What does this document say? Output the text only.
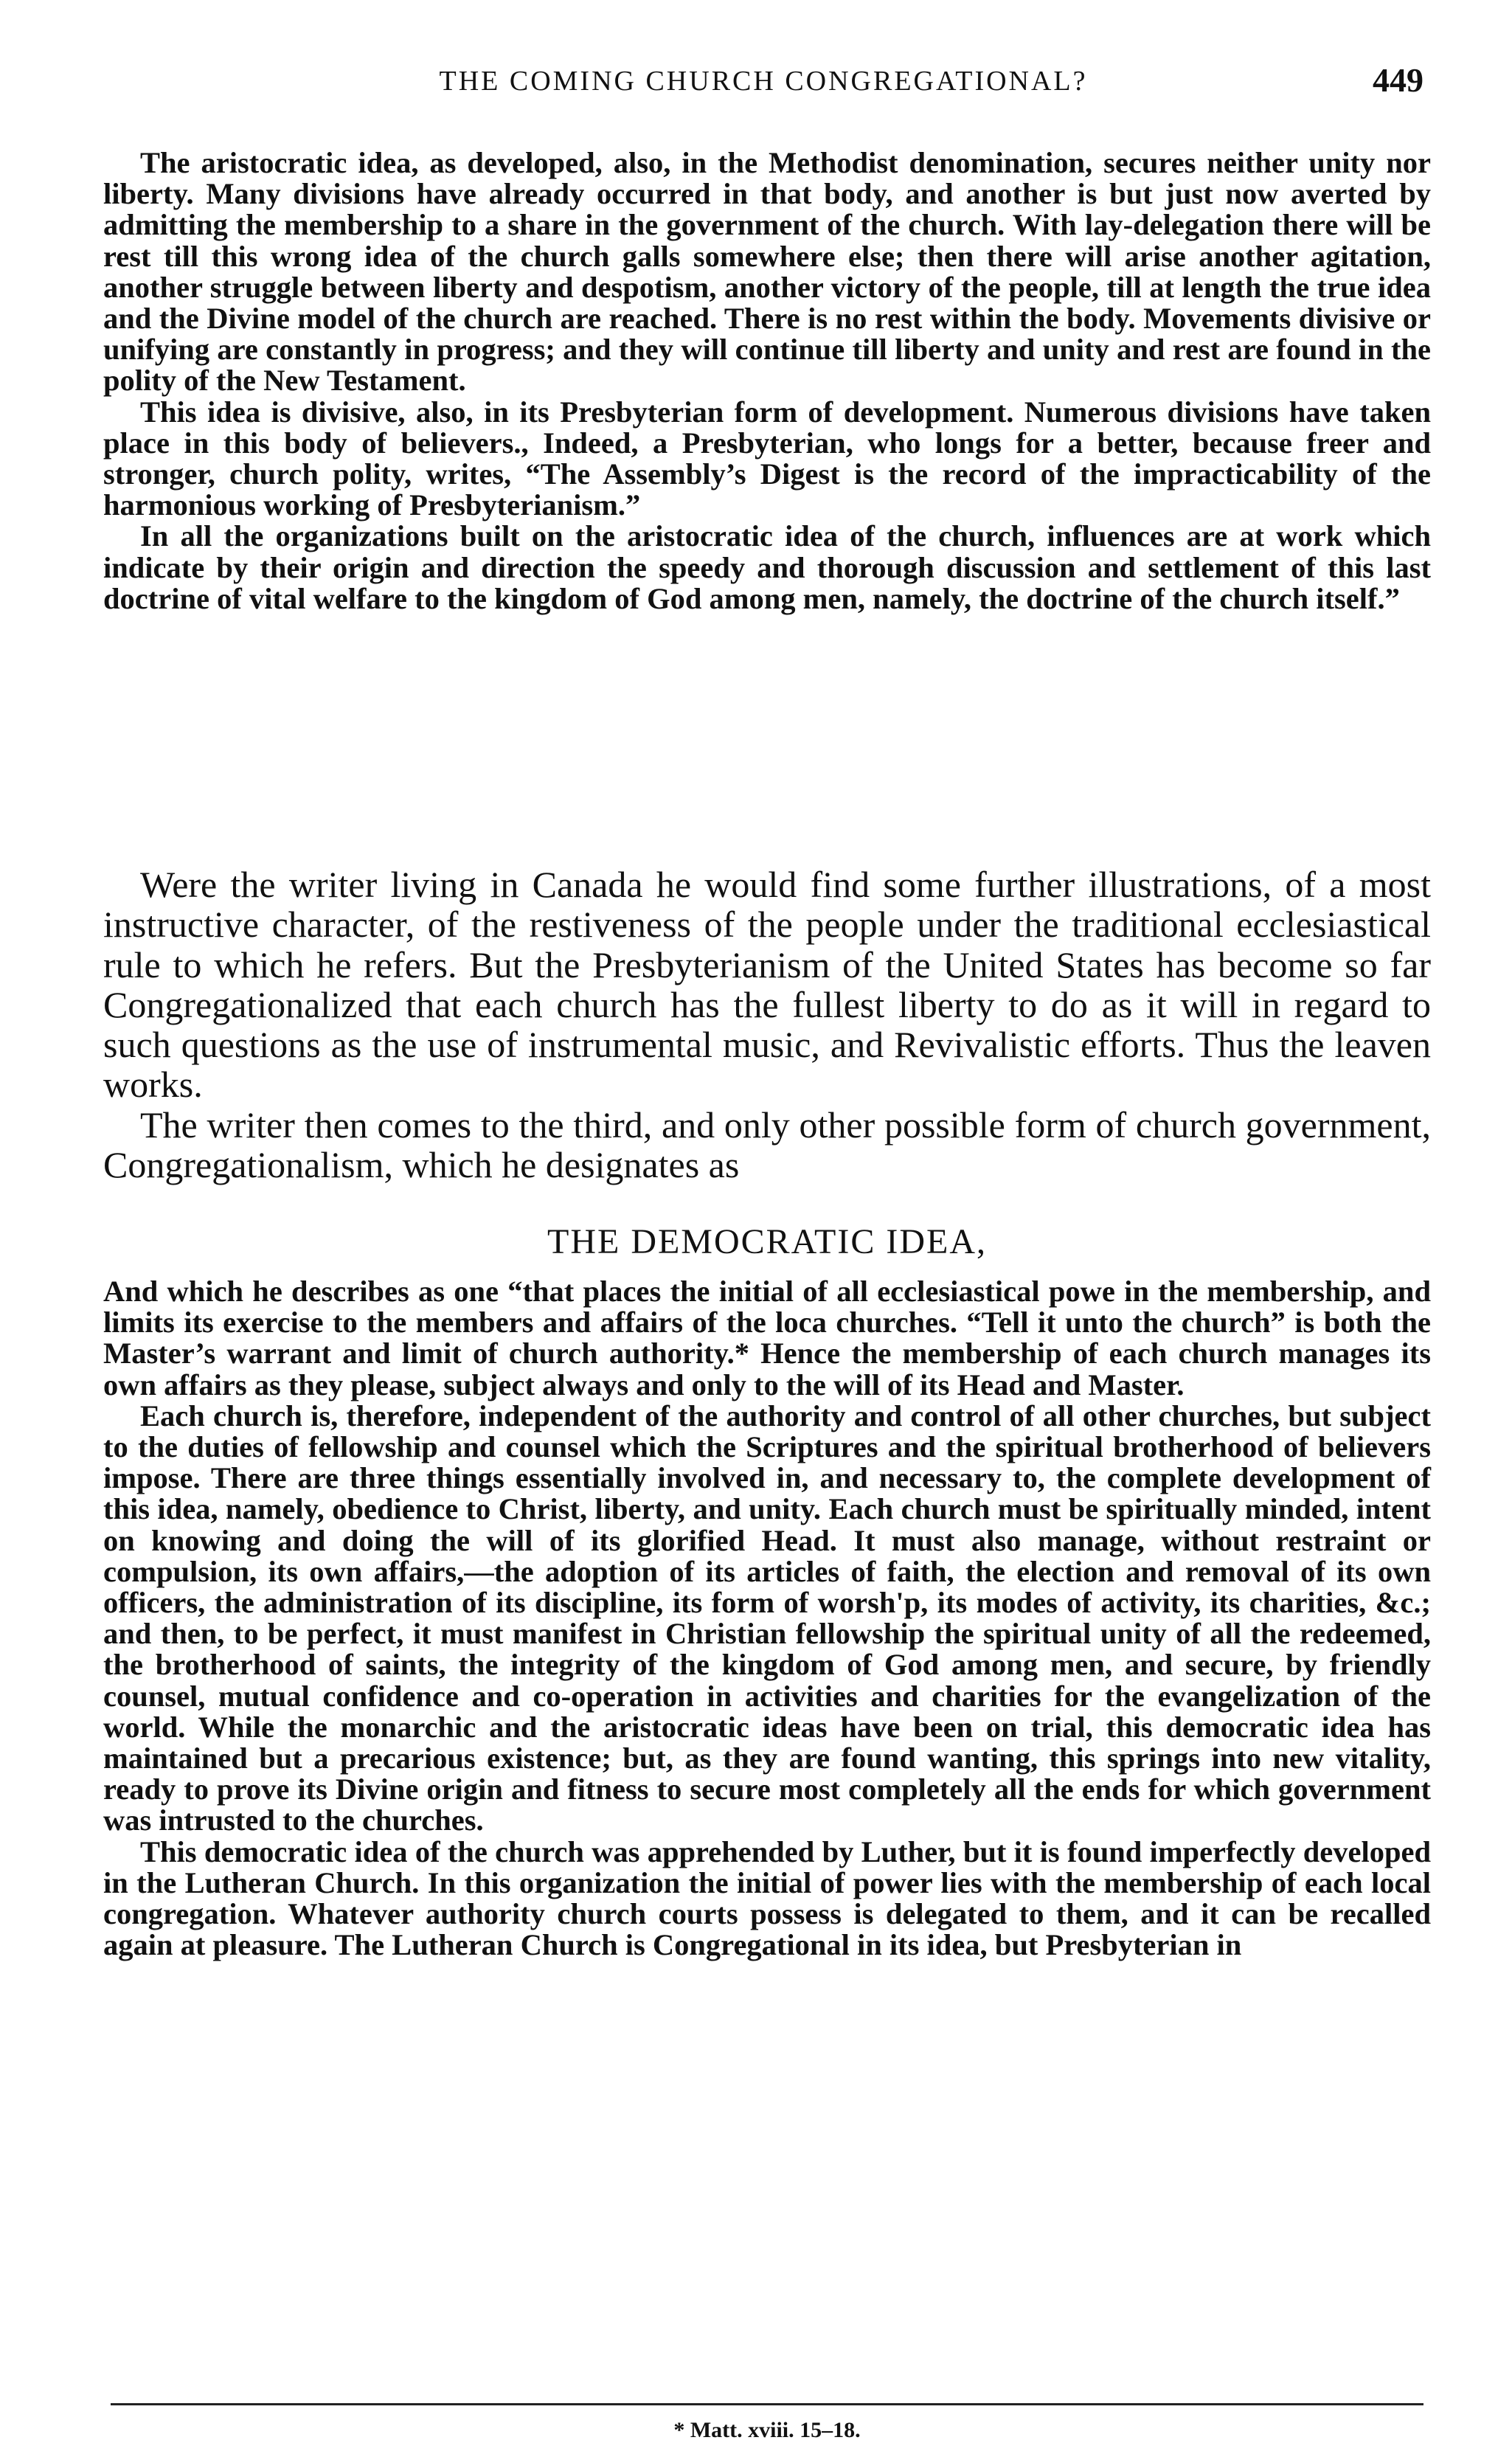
THE COMING CHURCH CONGREGATIONAL?	449

The aristocratic idea, as developed, also, in the Methodist denomination, secures neither unity nor liberty. Many divisions have already occurred in that body, and another is but just now averted by admitting the membership to a share in the government of the church. With lay-delegation there will be rest till this wrong idea of the church galls somewhere else; then there will arise another agitation, another struggle between liberty and despotism, another victory of the people, till at length the true idea and the Divine model of the church are reached. There is no rest within the body. Movements divisive or unifying are constantly in progress; and they will continue till liberty and unity and rest are found in the polity of the New Testament.

This idea is divisive, also, in its Presbyterian form of development. Numerous divisions have taken place in this body of believers., Indeed, a Presbyterian, who longs for a better, because freer and stronger, church polity, writes, “The Assembly’s Digest is the record of the impracticability of the harmonious working of Presbyterianism.”

In all the organizations built on the aristocratic idea of the church, influences are at work which indicate by their origin and direction the speedy and thorough discussion and settlement of this last doctrine of vital welfare to the kingdom of God among men, namely, the doctrine of the church itself.”

Were the writer living in Canada he would find some further illustrations, of a most instructive character, of the restiveness of the people under the traditional ecclesiastical rule to which he refers. But the Presbyterianism of the United States has become so far Congregationalized that each church has the fullest liberty to do as it will in regard to such questions as the use of instrumental music, and Revivalistic efforts. Thus the leaven works.

The writer then comes to the third, and only other possible form of church government, Congregationalism, which he designates as

THE DEMOCRATIC IDEA,

And which he describes as one “that places the initial of all ecclesiastical powe in the membership, and limits its exercise to the members and affairs of the loca churches. “Tell it unto the church” is both the Master’s warrant and limit of church authority.* Hence the membership of each church manages its own affairs as they please, subject always and only to the will of its Head and Master.

Each church is, therefore, independent of the authority and control of all other churches, but subject to the duties of fellowship and counsel which the Scriptures and the spiritual brotherhood of believers impose. There are three things essentially involved in, and necessary to, the complete development of this idea, namely, obedience to Christ, liberty, and unity. Each church must be spiritually minded, intent on knowing and doing the will of its glorified Head. It must also manage, without restraint or compulsion, its own affairs,—the adoption of its articles of faith, the election and removal of its own officers, the administration of its discipline, its form of worsh'p, its modes of activity, its charities, &c.; and then, to be perfect, it must manifest in Christian fellowship the spiritual unity of all the redeemed, the brotherhood of saints, the integrity of the kingdom of God among men, and secure, by friendly counsel, mutual confidence and co-operation in activities and charities for the evangelization of the world. While the monarchic and the aristocratic ideas have been on trial, this democratic idea has maintained but a precarious existence; but, as they are found wanting, this springs into new vitality, ready to prove its Divine origin and fitness to secure most completely all the ends for which government was intrusted to the churches.

This democratic idea of the church was apprehended by Luther, but it is found imperfectly developed in the Lutheran Church. In this organization the initial of power lies with the membership of each local congregation. Whatever authority church courts possess is delegated to them, and it can be recalled again at pleasure. The Lutheran Church is Congregational in its idea, but Presbyterian in

* Matt. xviii. 15–18.
